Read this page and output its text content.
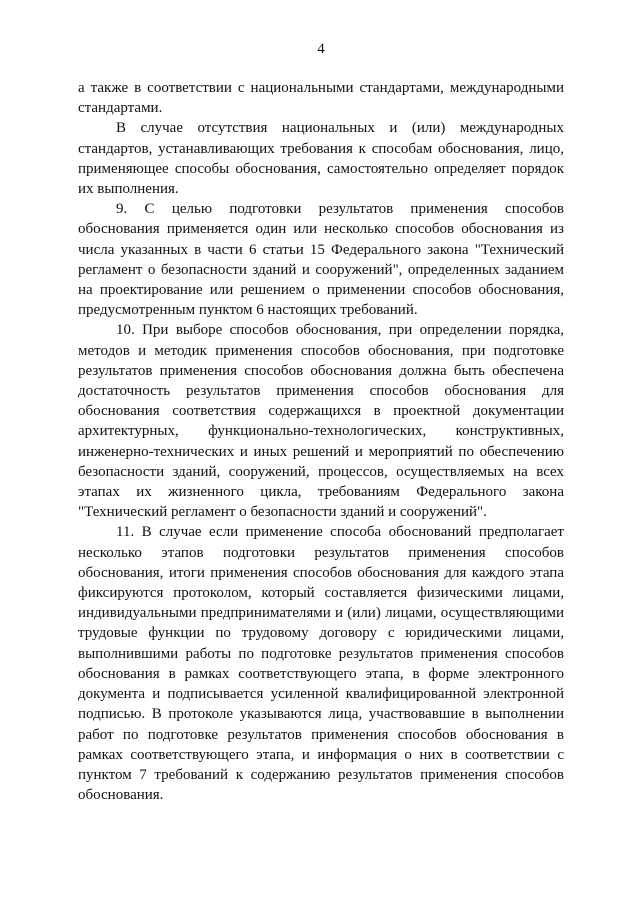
4

а также в соответствии с национальными стандартами, международными стандартами.

В случае отсутствия национальных и (или) международных стандартов, устанавливающих требования к способам обоснования, лицо, применяющее способы обоснования, самостоятельно определяет порядок их выполнения.

9. С целью подготовки результатов применения способов обоснования применяется один или несколько способов обоснования из числа указанных в части 6 статьи 15 Федерального закона "Технический регламент о безопасности зданий и сооружений", определенных заданием на проектирование или решением о применении способов обоснования, предусмотренным пунктом 6 настоящих требований.

10. При выборе способов обоснования, при определении порядка, методов и методик применения способов обоснования, при подготовке результатов применения способов обоснования должна быть обеспечена достаточность результатов применения способов обоснования для обоснования соответствия содержащихся в проектной документации архитектурных, функционально-технологических, конструктивных, инженерно-технических и иных решений и мероприятий по обеспечению безопасности зданий, сооружений, процессов, осуществляемых на всех этапах их жизненного цикла, требованиям Федерального закона "Технический регламент о безопасности зданий и сооружений".

11. В случае если применение способа обоснований предполагает несколько этапов подготовки результатов применения способов обоснования, итоги применения способов обоснования для каждого этапа фиксируются протоколом, который составляется физическими лицами, индивидуальными предпринимателями и (или) лицами, осуществляющими трудовые функции по трудовому договору с юридическими лицами, выполнившими работы по подготовке результатов применения способов обоснования в рамках соответствующего этапа, в форме электронного документа и подписывается усиленной квалифицированной электронной подписью. В протоколе указываются лица, участвовавшие в выполнении работ по подготовке результатов применения способов обоснования в рамках соответствующего этапа, и информация о них в соответствии с пунктом 7 требований к содержанию результатов применения способов обоснования.
